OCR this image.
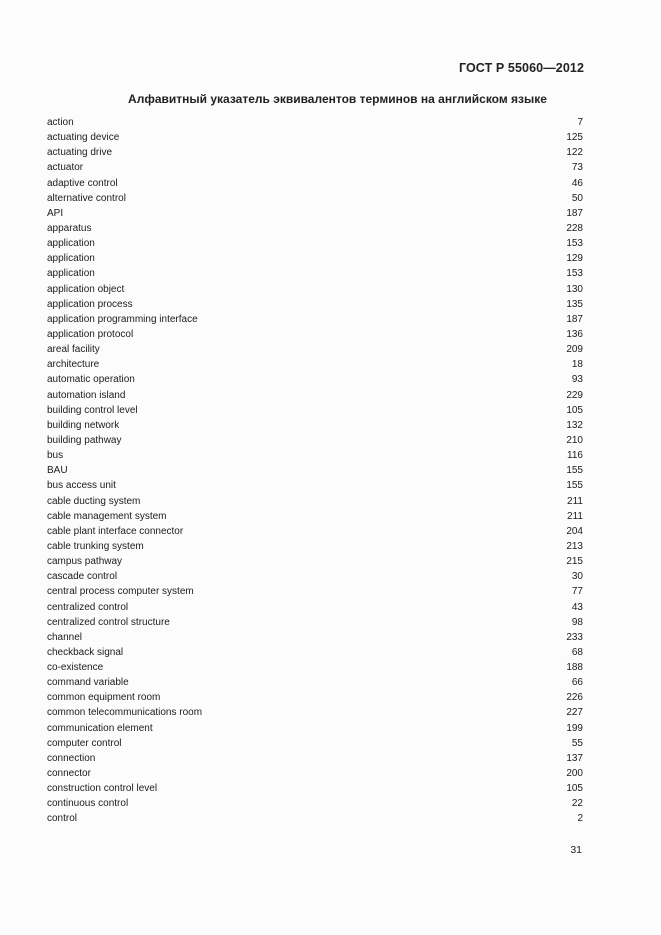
ГОСТ Р 55060—2012
Алфавитный указатель эквивалентов терминов на английском языке
action	7
actuating device	125
actuating drive	122
actuator	73
adaptive control	46
alternative control	50
API	187
apparatus	228
application	153
application	129
application	153
application object	130
application process	135
application programming interface	187
application protocol	136
areal facility	209
architecture	18
automatic operation	93
automation island	229
building control level	105
building network	132
building pathway	210
bus	116
BAU	155
bus access unit	155
cable ducting system	211
cable management system	211
cable plant interface connector	204
cable trunking system	213
campus pathway	215
cascade control	30
central process computer system	77
centralized control	43
centralized control structure	98
channel	233
checkback signal	68
co-existence	188
command variable	66
common equipment room	226
common telecommunications room	227
communication element	199
computer control	55
connection	137
connector	200
construction control level	105
continuous control	22
control	2
31
